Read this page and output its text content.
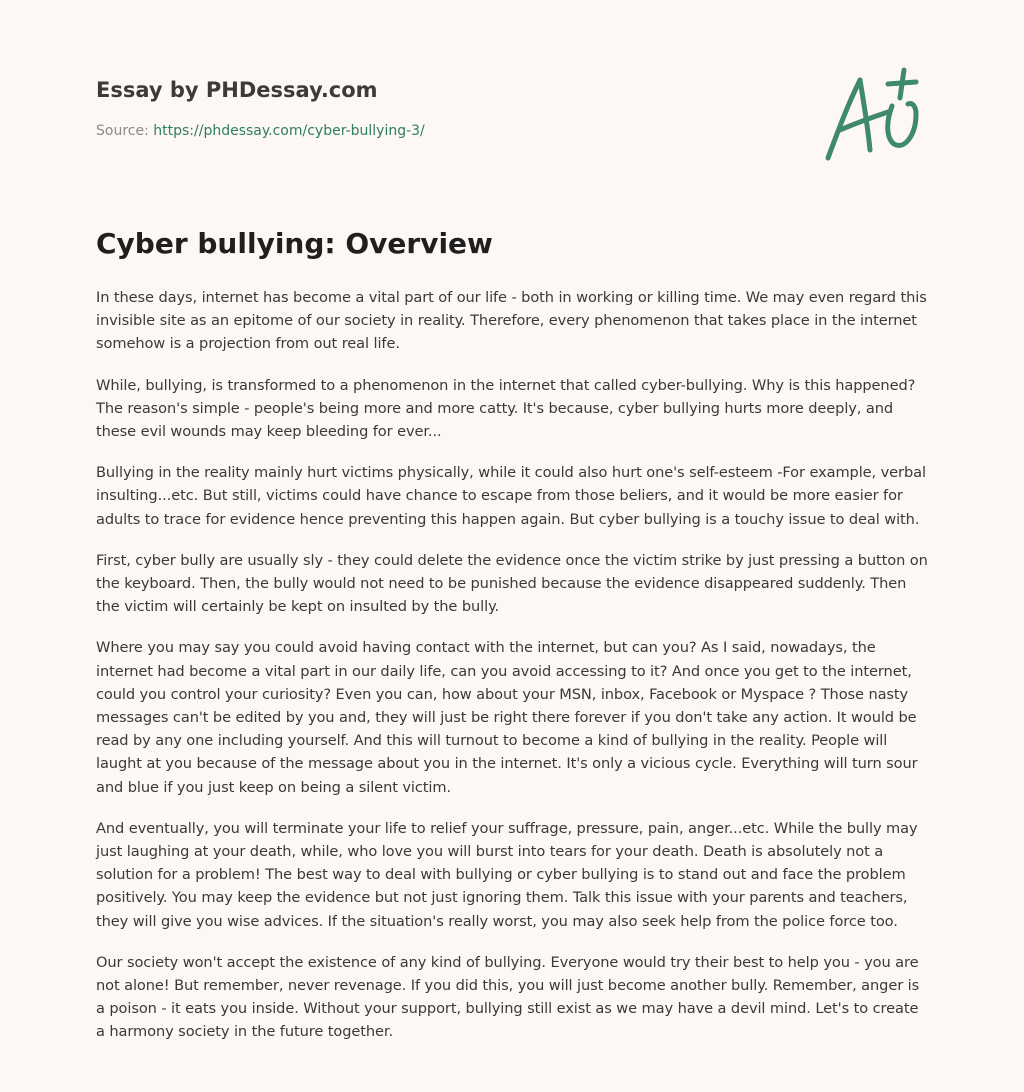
Essay by PHDessay.com
Source: https://phdessay.com/cyber-bullying-3/
Cyber bullying: Overview

In these days, internet has become a vital part of our life - both in working or killing time. We may even regard this invisible site as an epitome of our society in reality. Therefore, every phenomenon that takes place in the internet somehow is a projection from out real life.

While, bullying, is transformed to a phenomenon in the internet that called cyber-bullying. Why is this happened? The reason's simple - people's being more and more catty. It's because, cyber bullying hurts more deeply, and these evil wounds may keep bleeding for ever...

Bullying in the reality mainly hurt victims physically, while it could also hurt one's self-esteem -For example, verbal insulting...etc. But still, victims could have chance to escape from those beliers, and it would be more easier for adults to trace for evidence hence preventing this happen again. But cyber bullying is a touchy issue to deal with.

First, cyber bully are usually sly - they could delete the evidence once the victim strike by just pressing a button on the keyboard. Then, the bully would not need to be punished because the evidence disappeared suddenly. Then the victim will certainly be kept on insulted by the bully.

Where you may say you could avoid having contact with the internet, but can you? As I said, nowadays, the internet had become a vital part in our daily life, can you avoid accessing to it? And once you get to the internet, could you control your curiosity? Even you can, how about your MSN, inbox, Facebook or Myspace ? Those nasty messages can't be edited by you and, they will just be right there forever if you don't take any action. It would be read by any one including yourself. And this will turnout to become a kind of bullying in the reality. People will laught at you because of the message about you in the internet. It's only a vicious cycle. Everything will turn sour and blue if you just keep on being a silent victim.

And eventually, you will terminate your life to relief your suffrage, pressure, pain, anger...etc. While the bully may just laughing at your death, while, who love you will burst into tears for your death. Death is absolutely not a solution for a problem! The best way to deal with bullying or cyber bullying is to stand out and face the problem positively. You may keep the evidence but not just ignoring them. Talk this issue with your parents and teachers, they will give you wise advices. If the situation's really worst, you may also seek help from the police force too.

Our society won't accept the existence of any kind of bullying. Everyone would try their best to help you - you are not alone! But remember, never revenage. If you did this, you will just become another bully. Remember, anger is a poison - it eats you inside. Without your support, bullying still exist as we may have a devil mind. Let's to create a harmony society in the future together.
